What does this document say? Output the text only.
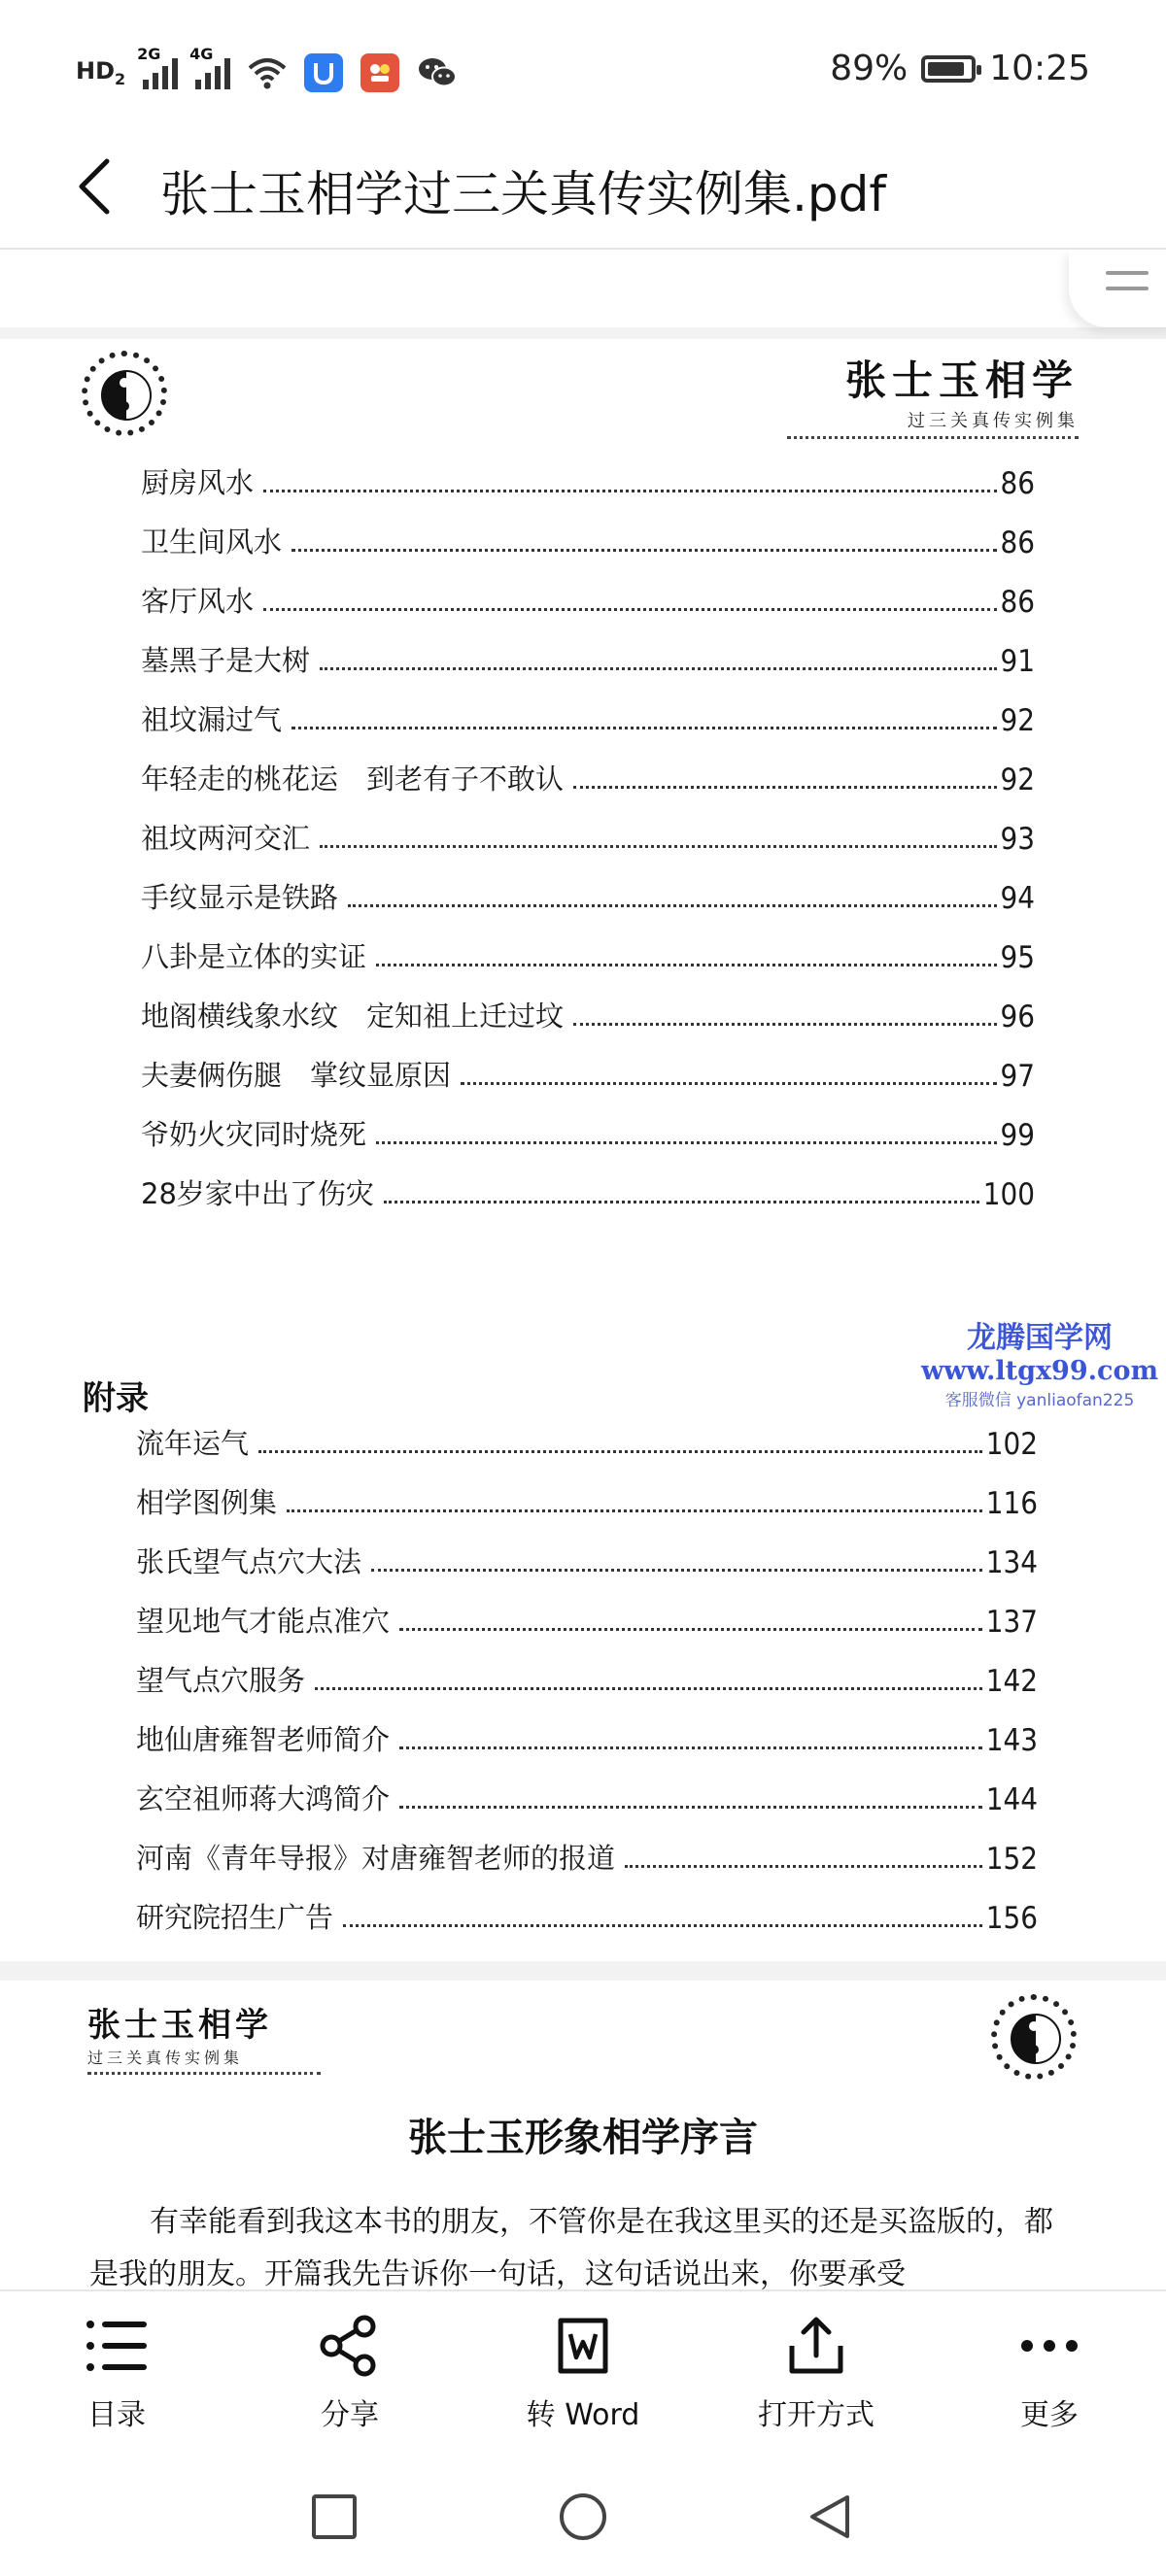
$HD_2$
2G 4G	89% 10:25
张士玉相学过三关真传实例集.pdf
张士玉相学
过三关真传实例集
厨房风水	86
卫生间风水	86
客厅风水	86
墓黑子是大树	91
祖坟漏过气	92
年轻走的桃花运　到老有子不敢认	92
祖坟两河交汇	93
手纹显示是铁路	94
八卦是立体的实证	95
地阁横线象水纹　定知祖上迁过坟	96
夫妻俩伤腿　掌纹显原因	97
爷奶火灾同时烧死	99
28岁家中出了伤灾	100
附录
流年运气	102
相学图例集	116
张氏望气点穴大法	134
望见地气才能点准穴	137
望气点穴服务	142
地仙唐雍智老师简介	143
玄空祖师蒋大鸿简介	144
河南《青年导报》对唐雍智老师的报道	152
研究院招生广告	156
龙腾国学网
www.ltgx99.com
客服微信 yanliaofan225
张士玉相学
过三关真传实例集
张士玉形象相学序言
有幸能看到我这本书的朋友，不管你是在我这里买的还是买盗版的，都是我的朋友。开篇我先告诉你一句话，这句话说出来，你要承受
目录	分享	转 Word	打开方式	更多
